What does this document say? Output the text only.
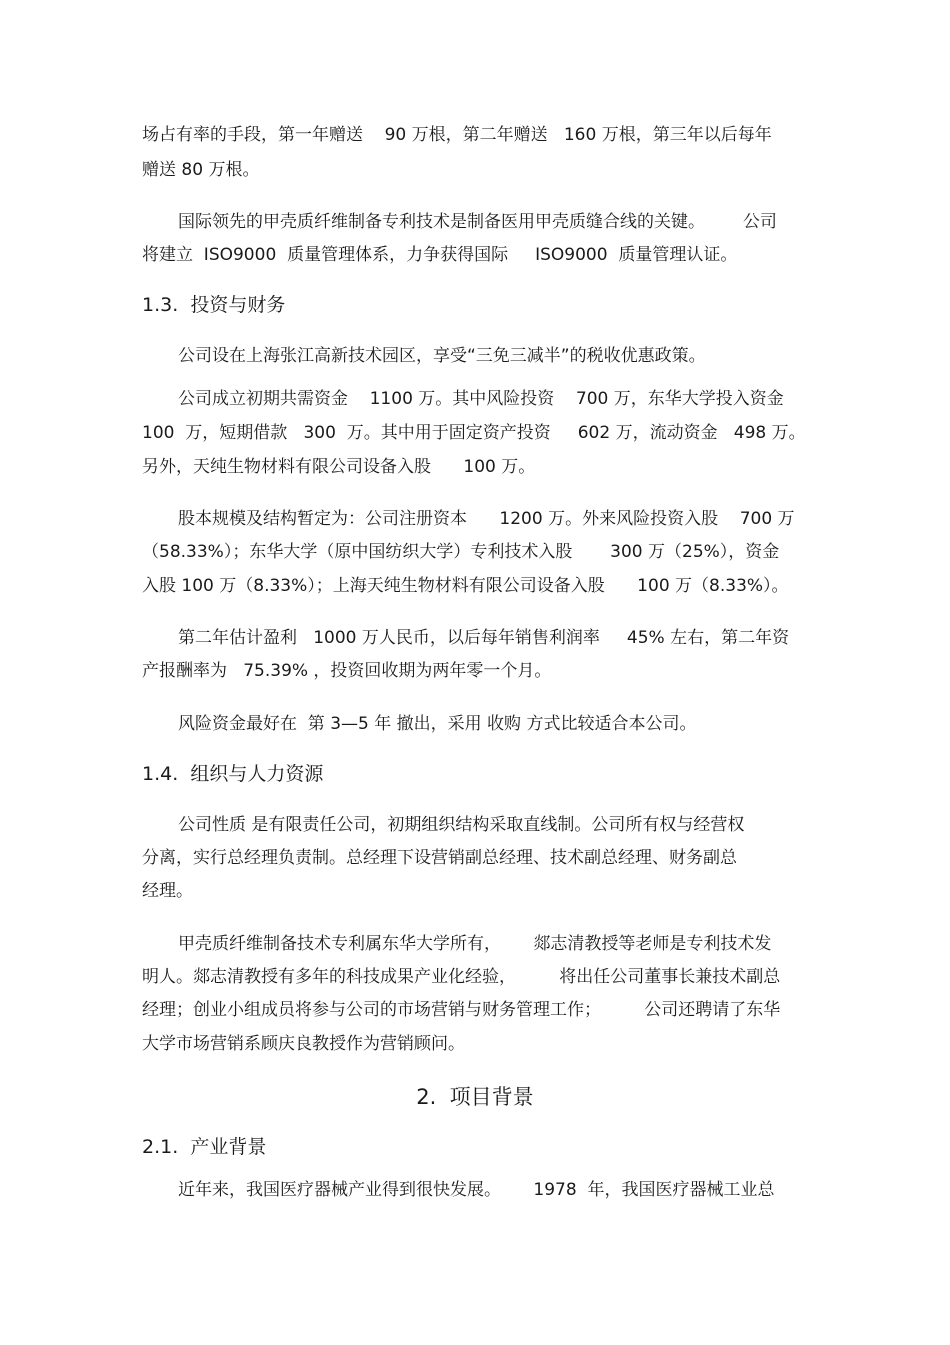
场占有率的手段，第一年赠送    90 万根，第二年赠送   160 万根，第三年以后每年
赠送 80 万根。
国际领先的甲壳质纤维制备专利技术是制备医用甲壳质缝合线的关键。       公司
将建立  ISO9000  质量管理体系，力争获得国际     ISO9000  质量管理认证。
1.3.  投资与财务
公司设在上海张江高新技术园区，享受“三免三减半”的税收优惠政策。
公司成立初期共需资金    1100 万。其中风险投资    700 万，东华大学投入资金
100  万，短期借款   300  万。其中用于固定资产投资     602 万，流动资金   498 万。
另外，天纯生物材料有限公司设备入股      100 万。
股本规模及结构暂定为：公司注册资本      1200 万。外来风险投资入股    700 万
（58.33%）；东华大学（原中国纺织大学）专利技术入股       300 万（25%），资金
入股 100 万（8.33%）；上海天纯生物材料有限公司设备入股      100 万（8.33%）。
第二年估计盈利   1000 万人民币，以后每年销售利润率     45% 左右，第二年资
产报酬率为   75.39% ，投资回收期为两年零一个月。
风险资金最好在  第 3—5 年 撤出，采用 收购 方式比较适合本公司。
1.4.  组织与人力资源
公司性质 是有限责任公司，初期组织结构采取直线制。公司所有权与经营权
分离，实行总经理负责制。总经理下设营销副总经理、技术副总经理、财务副总
经理。
甲壳质纤维制备技术专利属东华大学所有，      郯志清教授等老师是专利技术发
明人。郯志清教授有多年的科技成果产业化经验，        将出任公司董事长兼技术副总
经理；创业小组成员将参与公司的市场营销与财务管理工作；        公司还聘请了东华
大学市场营销系顾庆良教授作为营销顾问。
2.  项目背景
2.1.  产业背景
近年来，我国医疗器械产业得到很快发展。      1978  年，我国医疗器械工业总
